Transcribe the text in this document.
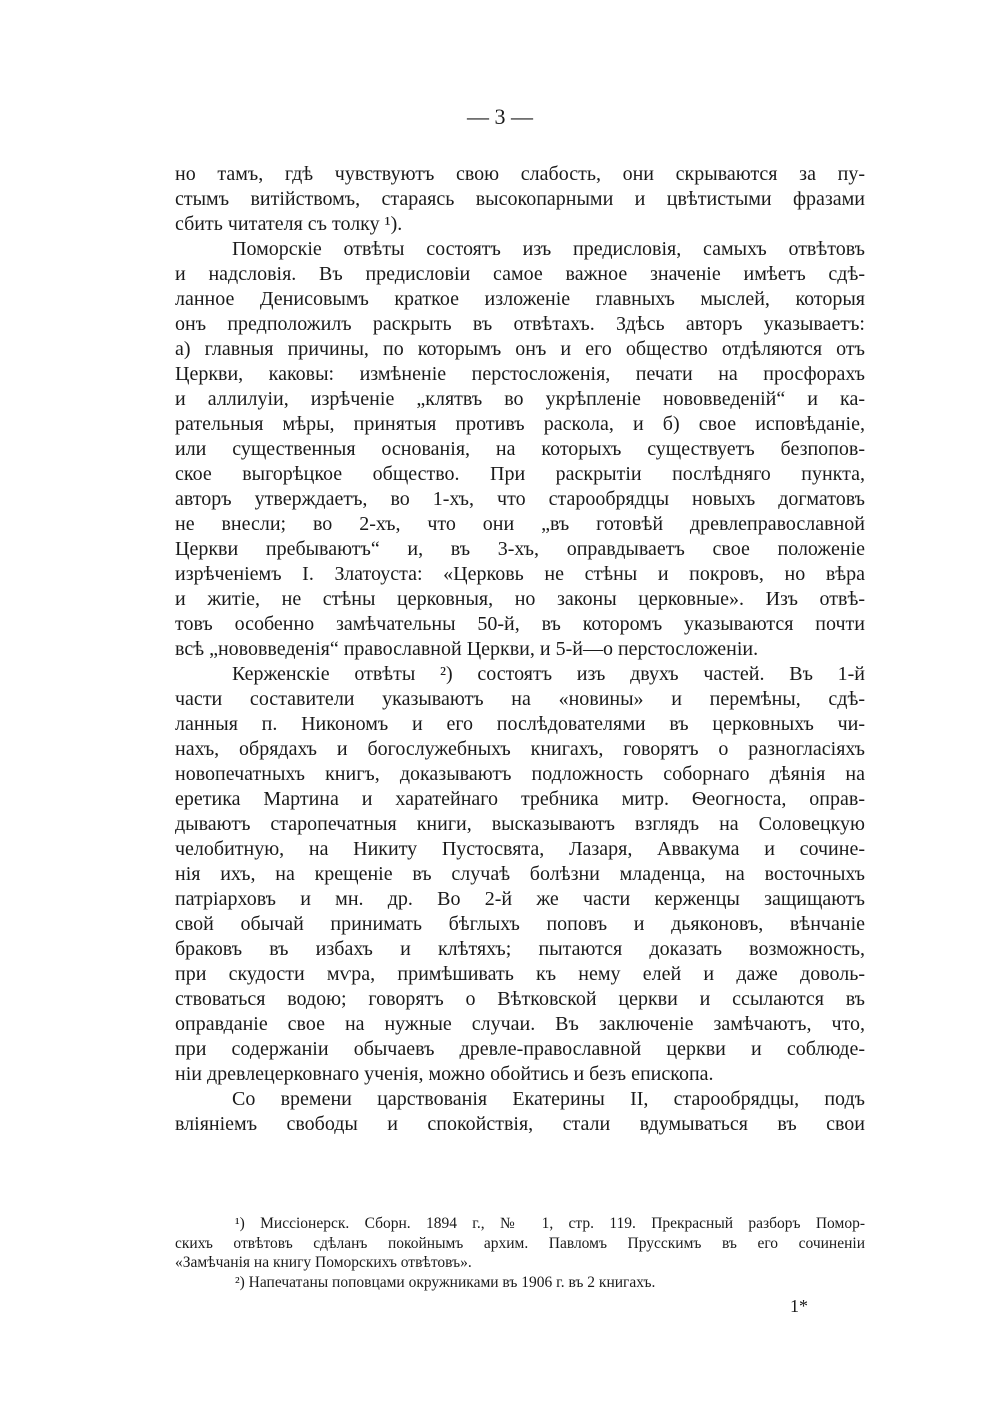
— 3 —
но тамъ, гдѣ чувствуютъ свою слабость, они скрываются за пу-
стымъ витiйствомъ, стараясь высокопарными и цвѣтистыми фразами
сбить читателя съ толку ¹).
Поморскiе отвѣты состоятъ изъ предисловiя, самыхъ отвѣтовъ
и надсловiя. Въ предисловiи самое важное значенiе имѣетъ сдѣ-
ланное Денисовымъ краткое изложенiе главныхъ мыслей, которыя
онъ предположилъ раскрыть въ отвѣтахъ. Здѣсь авторъ указываетъ:
а) главныя причины, по которымъ онъ и его общество отдѣляются отъ
Церкви, каковы: измѣненiе перстосложенiя, печати на просфорахъ
и аллилуiи, изрѣченiе „клятвъ во укрѣпленiе нововведенiй“ и ка-
рательныя мѣры, принятыя противъ раскола, и б) свое исповѣданiе,
или существенныя основанiя, на которыхъ существуетъ безпопов-
ское выгорѣцкое общество. При раскрытiи послѣдняго пункта,
авторъ утверждаетъ, во 1-хъ, что старообрядцы новыхъ догматовъ
не внесли; во 2-хъ, что они „въ готовѣй древлеправославной
Церкви пребываютъ“ и, въ 3-хъ, оправдываетъ свое положенiе
изрѣченiемъ I. Златоуста: «Церковь не стѣны и покровъ, но вѣра
и житiе, не стѣны церковныя, но законы церковные». Изъ отвѣ-
товъ особенно замѣчательны 50-й, въ которомъ указываются почти
всѣ „нововведенiя“ православной Церкви, и 5-й—о перстосложенiи.
Керженскiе отвѣты ²) состоятъ изъ двухъ частей. Въ 1-й
части составители указываютъ на «новины» и перемѣны, сдѣ-
ланныя п. Никономъ и его послѣдователями въ церковныхъ чи-
нахъ, обрядахъ и богослужебныхъ книгахъ, говорятъ о разногласiяхъ
новопечатныхъ книгъ, доказываютъ подложность соборнаго дѣянiя на
еретика Мартина и харатейнаго требника митр. Ѳеогноста, оправ-
дываютъ старопечатныя книги, высказываютъ взглядъ на Соловецкую
челобитную, на Никиту Пустосвята, Лазаря, Аввакума и сочине-
нiя ихъ, на крещенiе въ случаѣ болѣзни младенца, на восточныхъ
патрiарховъ и мн. др. Во 2-й же части керженцы защищаютъ
свой обычай принимать бѣглыхъ поповъ и дьяконовъ, вѣнчанiе
браковъ въ избахъ и клѣтяхъ; пытаются доказать возможность,
при скудости мѵра, примѣшивать къ нему елей и даже доволь-
ствоваться водою; говорятъ о Вѣтковской церкви и ссылаются въ
оправданiе свое на нужные случаи. Въ заключенiе замѣчаютъ, что,
при содержанiи обычаевъ древле-православной церкви и соблюде-
нiи древлецерковнаго ученiя, можно обойтись и безъ епископа.
Со времени царствованiя Екатерины II, старообрядцы, подъ
влiянiемъ свободы и спокойствiя, стали вдумываться въ свои
¹) Миссiонерск. Сборн. 1894 г., № 1, стр. 119. Прекрасный разборъ Помор-
скихъ отвѣтовъ сдѣланъ покойнымъ архим. Павломъ Прусскимъ въ его сочиненiи
«Замѣчанiя на книгу Поморскихъ отвѣтовъ».
²) Напечатаны поповцами окружниками въ 1906 г. въ 2 книгахъ.
1*
